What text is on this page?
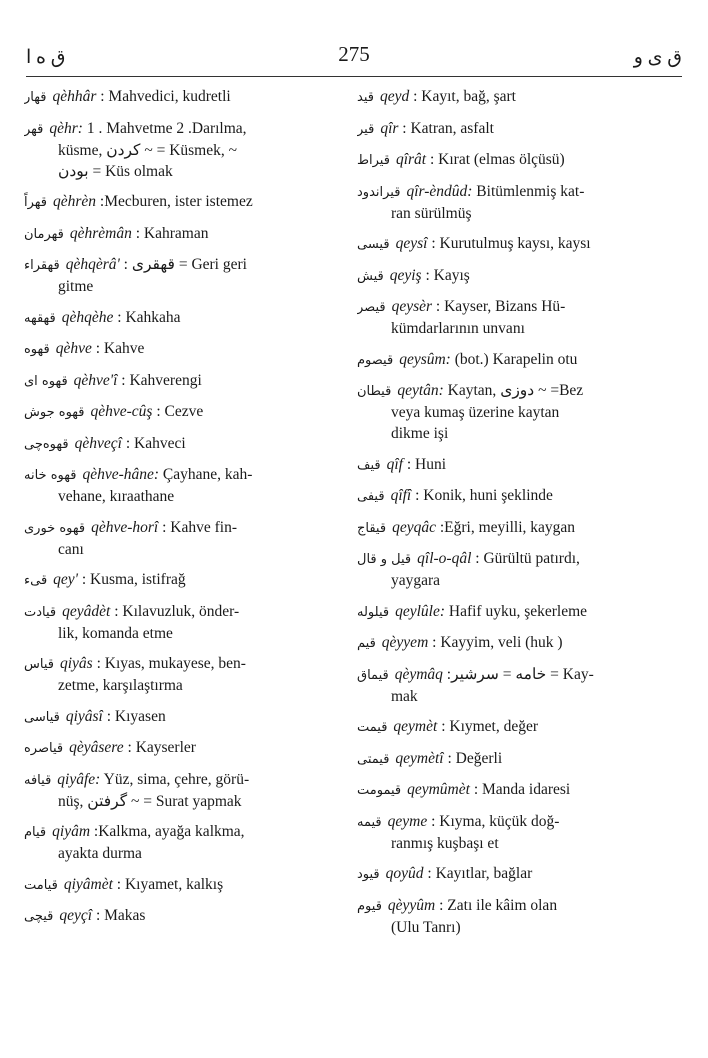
ق ه ا	275	ق ی و

قهار qèhhâr : Mahvedici, kudretli

قهر qèhr: 1 . Mahvetme 2 .Darılma,

küsme, کردن ~ = Küsmek, ~

بودن = Küs olmak

قهراً qèhrèn :Mecburen, ister istemez

قهرمان qèhrèmân : Kahraman

قهقراء qèhqèrâ' : قهقری = Geri geri

gitme

قهقهه qèhqèhe : Kahkaha

قهوه qèhve : Kahve

قهوه ای qèhve'î : Kahverengi

قهوه جوش qèhve-cûş : Cezve

قهوه‌چی qèhveçî : Kahveci

قهوه خانه qèhve-hâne: Çayhane, kah-

vehane, kıraathane

قهوه خوری qèhve-horî : Kahve fin-

canı

قیء qey' : Kusma, istifrağ

قیادت qeyâdèt : Kılavuzluk, önder-

lik, komanda etme

قیاس qiyâs : Kıyas, mukayese, ben-

zetme, karşılaştırma

قیاسی qiyâsî : Kıyasen

قیاصره qèyâsere : Kayserler

قیافه qiyâfe: Yüz, sima, çehre, görü-

nüş, گرفتن ~ = Surat yapmak

قیام qiyâm :Kalkma, ayağa kalkma,

ayakta durma

قیامت qiyâmèt : Kıyamet, kalkış

قیچی qeyçî : Makas

قید qeyd : Kayıt, bağ, şart

قیر qîr : Katran, asfalt

قیراط qîrât : Kırat (elmas ölçüsü)

قیراندود qîr-èndûd: Bitümlenmiş kat-

ran sürülmüş

قیسی qeysî : Kurutulmuş kaysı, kaysı

قیش qeyiş : Kayış

قیصر qeysèr : Kayser, Bizans Hü-

kümdarlarının unvanı

قیصوم qeysûm: (bot.) Karapelin otu

قیطان qeytân: Kaytan, دوزی ~ =Bez

veya kumaş üzerine kaytan

dikme işi

قیف qîf : Huni

قیفی qîfî : Konik, huni şeklinde

قیقاج qeyqâc :Eğri, meyilli, kaygan

قیل و قال qîl-o-qâl : Gürültü patırdı,

yaygara

قیلوله qeylûle: Hafif uyku, şekerleme

قیم qèyyem : Kayyim, veli (huk )

قیماق qèymâq :خامه = سرشیر = Kay-

mak

قیمت qeymèt : Kıymet, değer

قیمتی qeymètî : Değerli

قیمومت qeymûmèt : Manda idaresi

قیمه qeyme : Kıyma, küçük doğ-

ranmış kuşbaşı et

قیود qoyûd : Kayıtlar, bağlar

قیوم qèyyûm : Zatı ile kâim olan

(Ulu Tanrı)
